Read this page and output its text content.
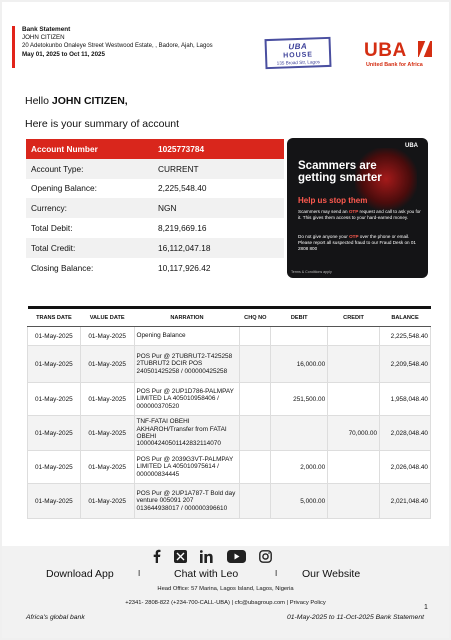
Bank Statement
JOHN CITIZEN
20 Adetokunbo Onaleye Street Westwood Estate, , Badore, Ajah, Lagos
May 01, 2025 to Oct 11, 2025
UBA
HOUSE
135 Broad Str, Lagos
UBA
United Bank for Africa
Hello JOHN CITIZEN,
Here is your summary of account
Account Number	1025773784
Account Type:	CURRENT
Opening Balance:	2,225,548.40
Currency:	NGN
Total Debit:	8,219,669.16
Total Credit:	16,112,047.18
Closing Balance:	10,117,926.42
UBA
Scammers are getting smarter
Help us stop them
Scammers may send an OTP request and call to ask you for it. This gives them access to your hard-earned money.
Do not give anyone your OTP over the phone or email. Please report all suspected fraud to our Fraud Desk on 01 2808 800
Terms & Conditions apply
TRANS DATE	VALUE DATE	NARRATION	CHQ NO	DEBIT	CREDIT	BALANCE
01-May-2025	01-May-2025	Opening Balance				2,225,548.40
01-May-2025	01-May-2025	POS Pur @ 2TUBRUT2-T425258 2TUBRUT2 DCIR POS 240501425258 / 000000425258		16,000.00		2,209,548.40
01-May-2025	01-May-2025	POS Pur @ 2UP1D786-PALMPAY LIMITED LA 405010958406 / 000000370520		251,500.00		1,958,048.40
01-May-2025	01-May-2025	TNF-FATAI OBEHI AKHAROH/Transfer from FATAI OBEHI 100004240501142832114070			70,000.00	2,028,048.40
01-May-2025	01-May-2025	POS Pur @ 2039G3VT-PALMPAY LIMITED LA 405010975614 / 000000834445		2,000.00		2,026,048.40
01-May-2025	01-May-2025	POS Pur @ 2UP1A787-T Bold day venture 005091 207 013644938017 / 000000396610		5,000.00		2,021,048.40
Download App	I	Chat with Leo	I Our Website
Head Office: 57 Marina, Lagos Island, Lagos, Nigeria
+2341- 2808-822 (+234-700-CALL-UBA) | cfc@ubagroup.com | Privacy Policy
1
Africa's global bank	01-May-2025 to 11-Oct-2025 Bank Statement
